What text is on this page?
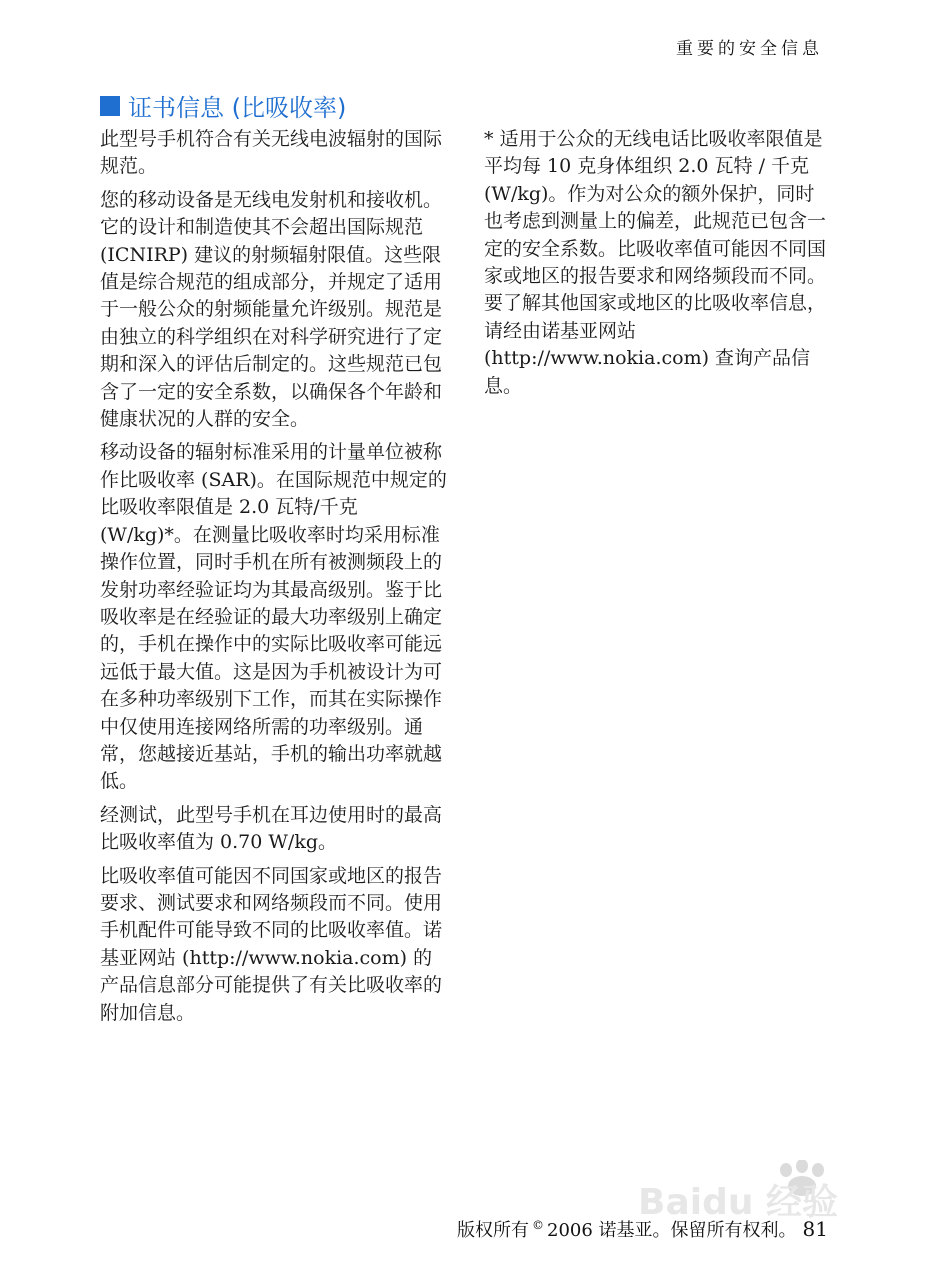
重要的安全信息
证书信息 (比吸收率)

此型号手机符合有关无线电波辐射的国际规范。

您的移动设备是无线电发射机和接收机。它的设计和制造使其不会超出国际规范 (ICNIRP) 建议的射频辐射限值。这些限值是综合规范的组成部分，并规定了适用于一般公众的射频能量允许级别。规范是由独立的科学组织在对科学研究进行了定期和深入的评估后制定的。这些规范已包含了一定的安全系数，以确保各个年龄和健康状况的人群的安全。

移动设备的辐射标准采用的计量单位被称作比吸收率 (SAR)。在国际规范中规定的比吸收率限值是 2.0 瓦特/千克 (W/kg)*。在测量比吸收率时均采用标准操作位置，同时手机在所有被测频段上的发射功率经验证均为其最高级别。鉴于比吸收率是在经验证的最大功率级别上确定的，手机在操作中的实际比吸收率可能远远低于最大值。这是因为手机被设计为可在多种功率级别下工作，而其在实际操作中仅使用连接网络所需的功率级别。通常，您越接近基站，手机的输出功率就越低。

经测试，此型号手机在耳边使用时的最高比吸收率值为 0.70 W/kg。

比吸收率值可能因不同国家或地区的报告要求、测试要求和网络频段而不同。使用手机配件可能导致不同的比吸收率值。诺基亚网站 (http://www.nokia.com) 的产品信息部分可能提供了有关比吸收率的附加信息。

* 适用于公众的无线电话比吸收率限值是平均每 10 克身体组织 2.0 瓦特 / 千克 (W/kg)。作为对公众的额外保护，同时也考虑到测量上的偏差，此规范已包含一定的安全系数。比吸收率值可能因不同国家或地区的报告要求和网络频段而不同。要了解其他国家或地区的比吸收率信息，请经由诺基亚网站 (http://www.nokia.com) 查询产品信息。

Baidu 经验
版权所有 © 2006 诺基亚。保留所有权利。 81
